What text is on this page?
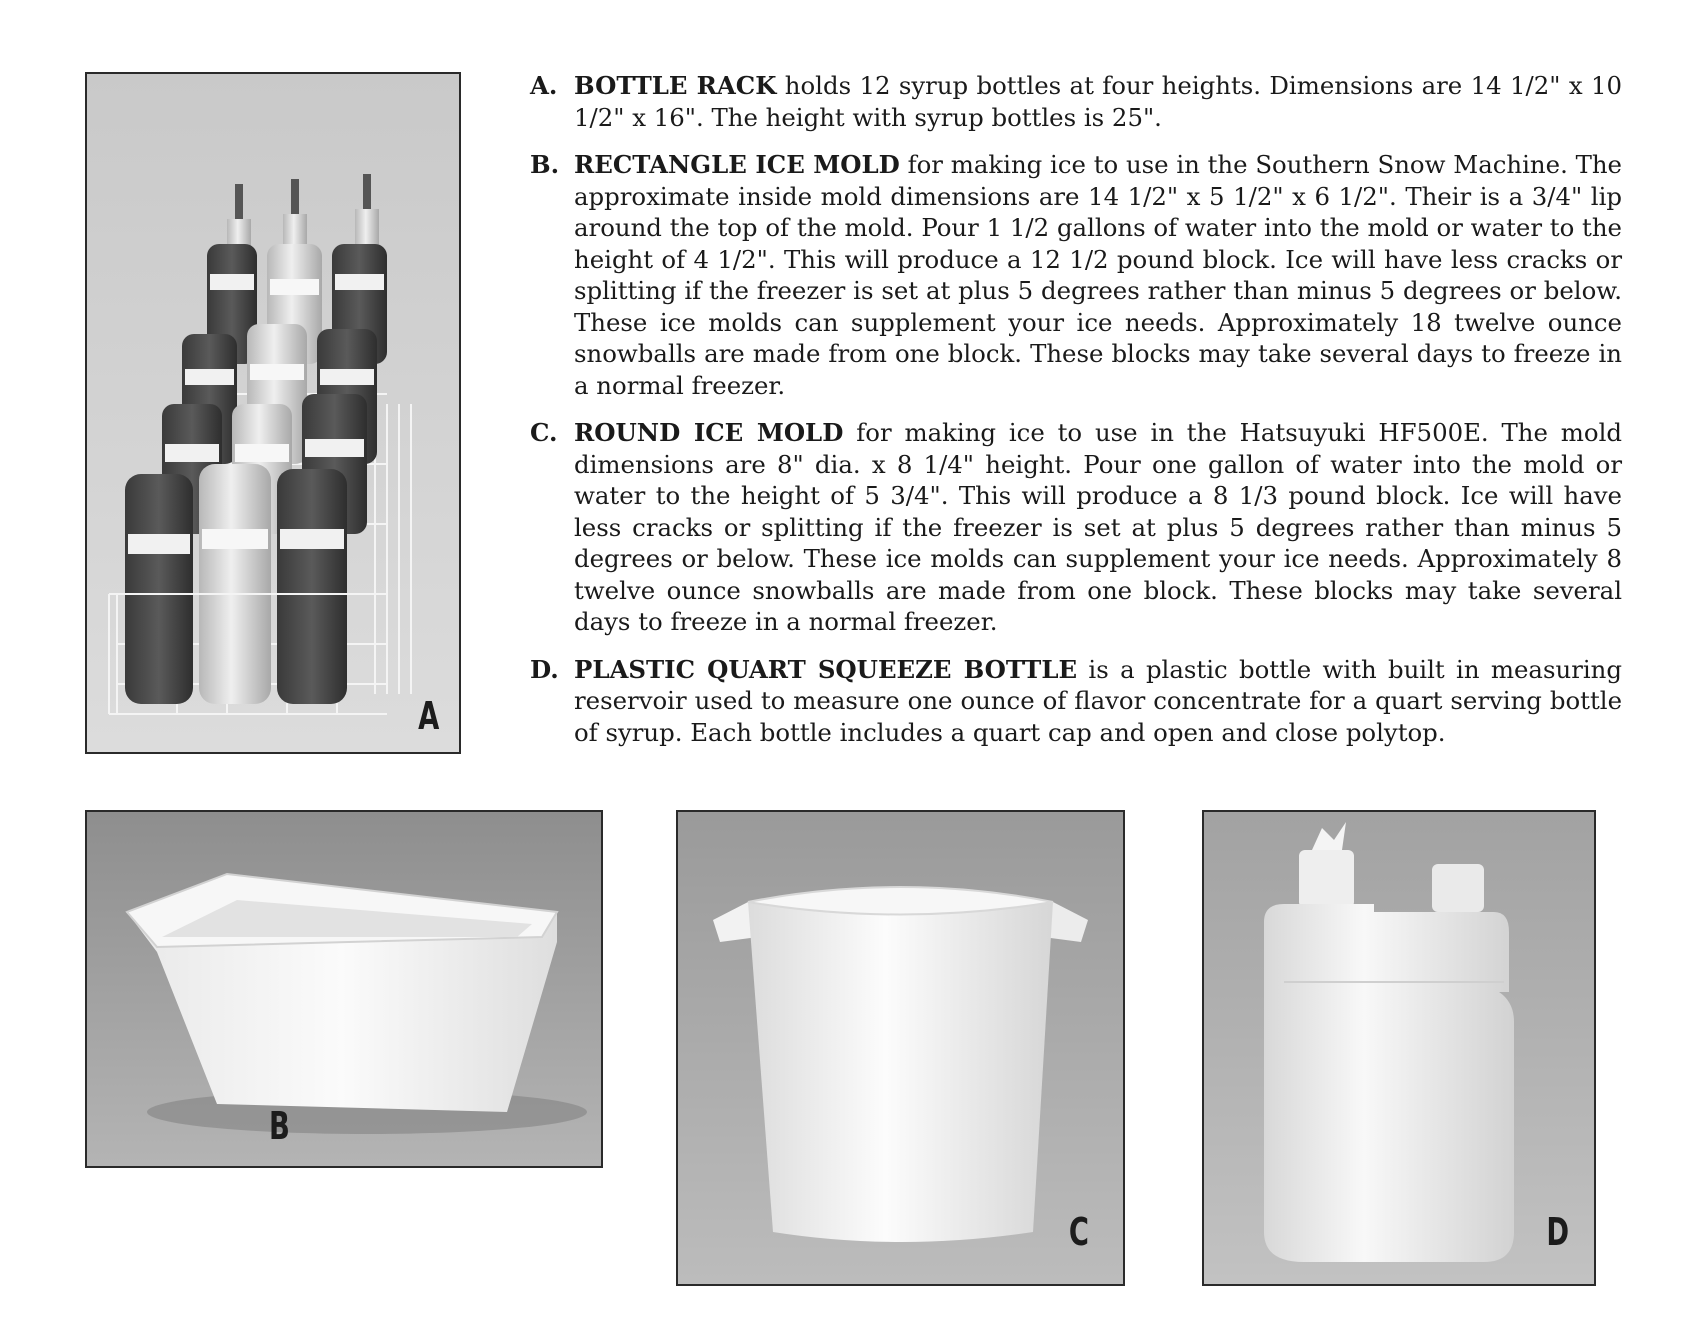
A
A. BOTTLE RACK holds 12 syrup bottles at four heights. Dimensions are 14 1/2" x 10 1/2" x 16". The height with syrup bottles is 25".
B. RECTANGLE ICE MOLD for making ice to use in the Southern Snow Machine. The approximate inside mold dimensions are 14 1/2" x 5 1/2" x 6 1/2". Their is a 3/4" lip around the top of the mold. Pour 1 1/2 gallons of water into the mold or water to the height of 4 1/2". This will produce a 12 1/2 pound block. Ice will have less cracks or splitting if the freezer is set at plus 5 degrees rather than minus 5 degrees or below. These ice molds can supplement your ice needs. Approximately 18 twelve ounce snowballs are made from one block. These blocks may take several days to freeze in a normal freezer.
C. ROUND ICE MOLD for making ice to use in the Hatsuyuki HF500E. The mold dimensions are 8" dia. x 8 1/4" height. Pour one gallon of water into the mold or water to the height of 5 3/4". This will produce a 8 1/3 pound block. Ice will have less cracks or splitting if the freezer is set at plus 5 degrees rather than minus 5 degrees or below. These ice molds can supplement your ice needs. Approximately 8 twelve ounce snowballs are made from one block. These blocks may take several days to freeze in a normal freezer.
D. PLASTIC QUART SQUEEZE BOTTLE is a plastic bottle with built in measuring reservoir used to measure one ounce of flavor concentrate for a quart serving bottle of syrup. Each bottle includes a quart cap and open and close polytop.
B
C	D
